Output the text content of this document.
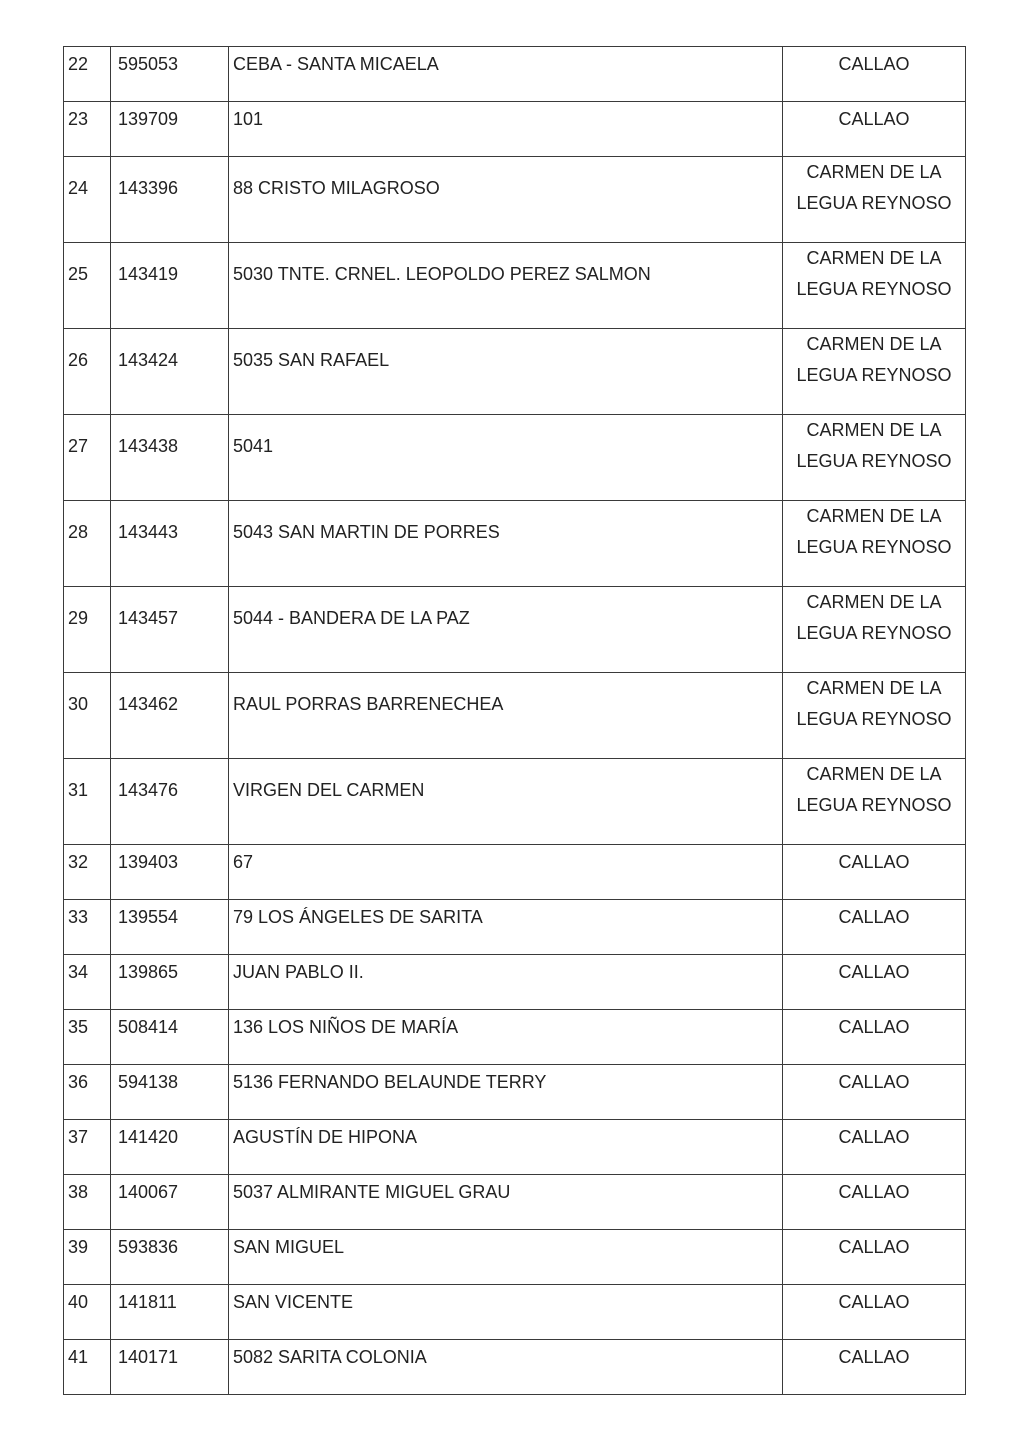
22	595053	CEBA - SANTA MICAELA	CALLAO

23	139709	101	CALLAO

24	143396	88 CRISTO MILAGROSO	CARMEN DE LA
LEGUA REYNOSO

25	143419	5030 TNTE. CRNEL. LEOPOLDO PEREZ SALMON	CARMEN DE LA
LEGUA REYNOSO

26	143424	5035 SAN RAFAEL	CARMEN DE LA
LEGUA REYNOSO

27	143438	5041	CARMEN DE LA
LEGUA REYNOSO

28	143443	5043 SAN MARTIN DE PORRES	CARMEN DE LA
LEGUA REYNOSO

29	143457	5044 - BANDERA DE LA PAZ	CARMEN DE LA
LEGUA REYNOSO

30	143462	RAUL PORRAS BARRENECHEA	CARMEN DE LA
LEGUA REYNOSO

31	143476	VIRGEN DEL CARMEN	CARMEN DE LA
LEGUA REYNOSO

32	139403	67	CALLAO

33	139554	79 LOS ÁNGELES DE SARITA	CALLAO

34	139865	JUAN PABLO II.	CALLAO

35	508414	136 LOS NIÑOS DE MARÍA	CALLAO

36	594138	5136 FERNANDO BELAUNDE TERRY	CALLAO

37	141420	AGUSTÍN DE HIPONA	CALLAO

38	140067	5037 ALMIRANTE MIGUEL GRAU	CALLAO

39	593836	SAN MIGUEL	CALLAO

40	141811	SAN VICENTE	CALLAO

41	140171	5082 SARITA COLONIA	CALLAO
